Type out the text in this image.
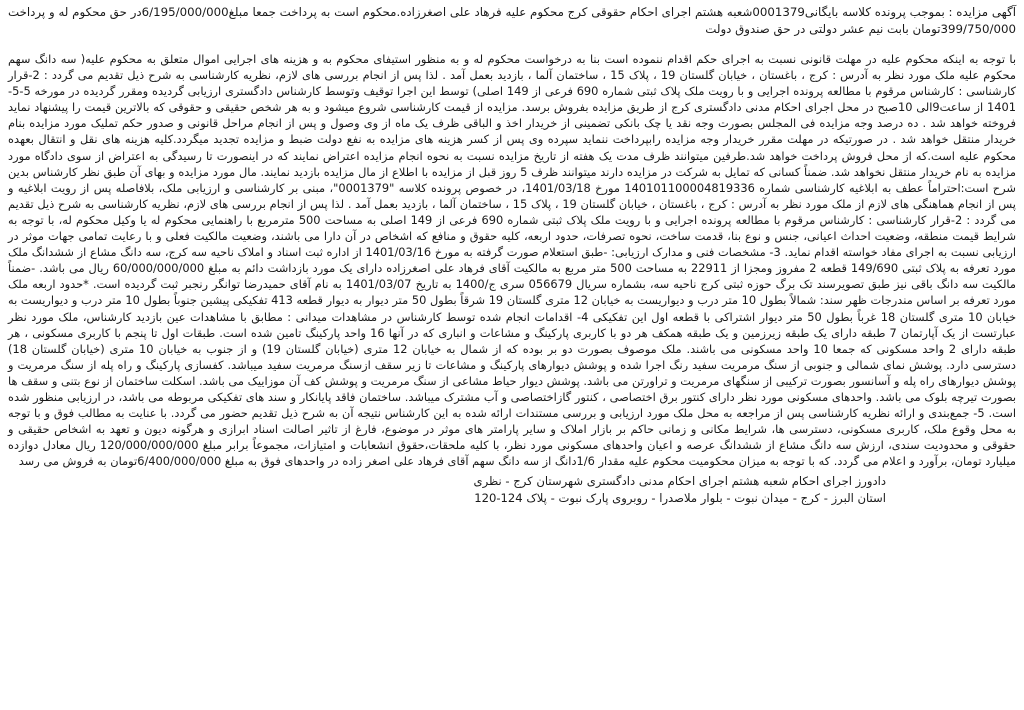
آگهی مزایده : بموجب پرونده کلاسه بایگانی0001379شعبه هشتم اجرای احکام حقوقی کرج محکوم علیه فرهاد علی اصغرزاده.محکوم است به پرداخت جمعا مبلغ6/195/000/000در حق محکوم له و پرداخت 399/750/000تومان بابت نیم عشر دولتی در حق صندوق دولت

با توجه به اینکه محکوم علیه در مهلت قانونی نسبت به اجرای حکم اقدام ننموده است بنا به درخواست محکوم له و به منظور استیفای محکوم به و هزینه های اجرایی اموال متعلق به محکوم علیه( سه دانگ سهم محکوم علیه ملک مورد نظر به آدرس : کرج ، باغستان ، خیابان گلستان 19 ، پلاک 15 ، ساختمان آلما ، بازدید بعمل آمد . لذا پس از انجام بررسی های لازم، نظریه کارشناسی به شرح ذیل تقدیم می گردد : 2-قرار کارشناسی : کارشناس مرقوم با مطالعه پرونده اجرایی و با رویت ملک پلاک ثبتی شماره 690 فرعی از 149 اصلی) توسط این اجرا توقیف وتوسط کارشناس دادگستری ارزیابی گردیده ومقرر گردیده در مورخه 5-5-1401 از ساعت9الی 10صبح در محل اجرای احکام مدنی دادگستری کرج از طریق مزایده بفروش برسد. مزایده از قیمت کارشناسی شروع میشود و به هر شخص حقیقی و حقوقی که بالاترین قیمت را پیشنهاد نماید فروخته خواهد شد . ده درصد وجه مزایده فی المجلس بصورت وجه نقد یا چک بانکی تضمینی از خریدار اخذ و الباقی ظرف یک ماه از وی وصول و پس از انجام مراحل قانونی و صدور حکم تملیک مورد مزایده بنام خریدار منتقل خواهد شد . در صورتیکه در مهلت مقرر خریدار وجه مزایده رابپرداخت ننماید سپرده وی پس از کسر هزینه های مزایده به نفع دولت ضبط و مزایده تجدید میگردد.کلیه هزینه های نقل و انتقال بعهده محکوم علیه است.که از محل فروش پرداخت خواهد شد.طرفین میتوانند ظرف مدت یک هفته از تاریخ مزایده نسبت به نحوه انجام مزایده اعتراض نمایند که در اینصورت تا رسیدگی به اعتراض از سوی دادگاه مورد مزایده به نام خریدار منتقل نخواهد شد. ضمناً کسانی که تمایل به شرکت در مزایده دارند میتوانند ظرف 5 روز قبل از مزایده با اطلاع از مال مزایده بازدید نمایند. مال مورد مزایده و بهای آن طبق نظر کارشناس بدین شرح است:احتراماً عطف به ابلاغیه کارشناسی شماره 140101100004819336 مورخ 1401/03/18، در خصوص پرونده کلاسه "0001379"، مبنی بر کارشناسی و ارزیابی ملک، بلافاصله پس از رویت ابلاغیه و پس از انجام هماهنگی های لازم از ملک مورد نظر به آدرس : کرج ، باغستان ، خیابان گلستان 19 ، پلاک 15 ، ساختمان آلما ، بازدید بعمل آمد . لذا پس از انجام بررسی های لازم، نظریه کارشناسی به شرح ذیل تقدیم می گردد : 2-قرار کارشناسی : کارشناس مرقوم با مطالعه پرونده اجرایی و با رویت ملک پلاک ثبتی شماره 690 فرعی از 149 اصلی به مساحت 500 مترمربع با راهنمایی محکوم له یا وکیل محکوم له، با توجه به شرایط قیمت منطقه، وضعیت احداث اعیانی، جنس و نوع بنا، قدمت ساخت، نحوه تصرفات، حدود اربعه، کلیه حقوق و منافع که اشخاص در آن دارا می باشند، وضعیت مالکیت فعلی و با رعایت تمامی جهات موثر در ارزیابی نسبت به اجرای مفاد خواسته اقدام نماید. 3- مشخصات فنی و مدارک ارزیابی: -طبق استعلام صورت گرفته به مورخ 1401/03/16 از اداره ثبت اسناد و املاک ناحیه سه کرج، سه دانگ مشاع از ششدانگ ملک مورد تعرفه به پلاک ثبتی 149/690 قطعه 2 مفروز ومجزا از 22911 به مساحت 500 متر مربع به مالکیت آقای فرهاد علی اصغرزاده دارای یک مورد بازداشت دائم به مبلغ 60/000/000/000 ریال می باشد. -ضمناً مالکیت سه دانگ باقی نیز طبق تصویرسند تک برگ حوزه ثبتی کرج ناحیه سه، بشماره سریال 056679 سری ج/1400 به تاریخ 1401/03/07 به نام آقای حمیدرضا توانگر رنجبر ثبت گردیده است. *حدود اربعه ملک مورد تعرفه بر اساس مندرجات ظهر سند: شمالاً بطول 10 متر درب و دیواریست به خیابان 12 متری گلستان 19 شرقاً بطول 50 متر دیوار به دیوار قطعه 413 تفکیکی پیشین جنوباً بطول 10 متر درب و دیواریست به خیابان 10 متری گلستان 18 غرباً بطول 50 متر دیوار اشتراکی با قطعه اول این تفکیکی 4- اقدامات انجام شده توسط کارشناس در مشاهدات میدانی : مطابق با مشاهدات عین بازدید کارشناس، ملک مورد نظر عبارتست از یک آپارتمان 7 طبقه دارای یک طبقه زیرزمین و یک طبقه همکف هر دو با کاربری پارکینگ و مشاعات و انباری که در آنها 16 واحد پارکینگ تامین شده است. طبقات اول تا پنجم با کاربری مسکونی ، هر طبقه دارای 2 واحد مسکونی که جمعا 10 واحد مسکونی می باشند. ملک موصوف بصورت دو بر بوده که از شمال به خیابان 12 متری (خیابان گلستان 19) و از جنوب به خیابان 10 متری (خیابان گلستان 18) دسترسی دارد. پوشش نمای شمالی و جنوبی از سنگ مرمریت سفید رنگ اجرا شده و پوشش دیوارهای پارکینگ و مشاعات تا زیر سقف ازسنگ مرمریت سفید میباشد. کفسازی پارکینگ و راه پله از سنگ مرمریت و پوشش دیوارهای راه پله و آسانسور بصورت ترکیبی از سنگهای مرمریت و تراورتن می باشد. پوشش دیوار حیاط مشاعی از سنگ مرمریت و پوشش کف آن موزاییک می باشد. اسکلت ساختمان از نوع بتنی و سقف ها بصورت تیرچه بلوک می باشد. واحدهای مسکونی مورد نظر دارای کنتور برق اختصاصی ، کنتور گازاختصاصی و آب مشترک میباشد. ساختمان فاقد پایانکار و سند های تفکیکی مربوطه می باشد، در ارزیابی منظور شده است. 5- جمع‌بندی و ارائه نظریه کارشناسی پس از مراجعه به محل ملک مورد ارزیابی و بررسی مستندات ارائه شده به این کارشناس نتیجه آن به شرح ذیل تقدیم حضور می گردد. با عنایت به مطالب فوق و با توجه به محل وقوع ملک، کاربری مسکونی، دسترسی ها، شرایط مکانی و زمانی حاکم بر بازار املاک و سایر پارامتر های موثر در موضوع، فارغ از تاثیر اصالت اسناد ابرازی و هرگونه دیون و تعهد به اشخاص حقیقی و حقوقی و محدودیت سندی، ارزش سه دانگ مشاع از ششدانگ عرصه و اعیان واحدهای مسکونی مورد نظر، با کلیه ملحقات،حقوق انشعابات و امتیازات، مجموعاً برابر مبلغ 120/000/000/000 ریال معادل دوازده میلیارد تومان، برآورد و اعلام می گردد. که با توجه به میزان محکومیت محکوم علیه مقدار 1/6دانگ از سه دانگ سهم آقای فرهاد علی اصغر زاده در واحدهای فوق به مبلغ 6/400/000/000تومان به فروش می رسد

دادورز اجرای احکام شعبه هشتم اجرای احکام مدنی دادگستری شهرستان کرج - نظری
استان البرز - کرج - میدان نبوت - بلوار ملاصدرا - روبروی پارک نبوت - پلاک 124-120
